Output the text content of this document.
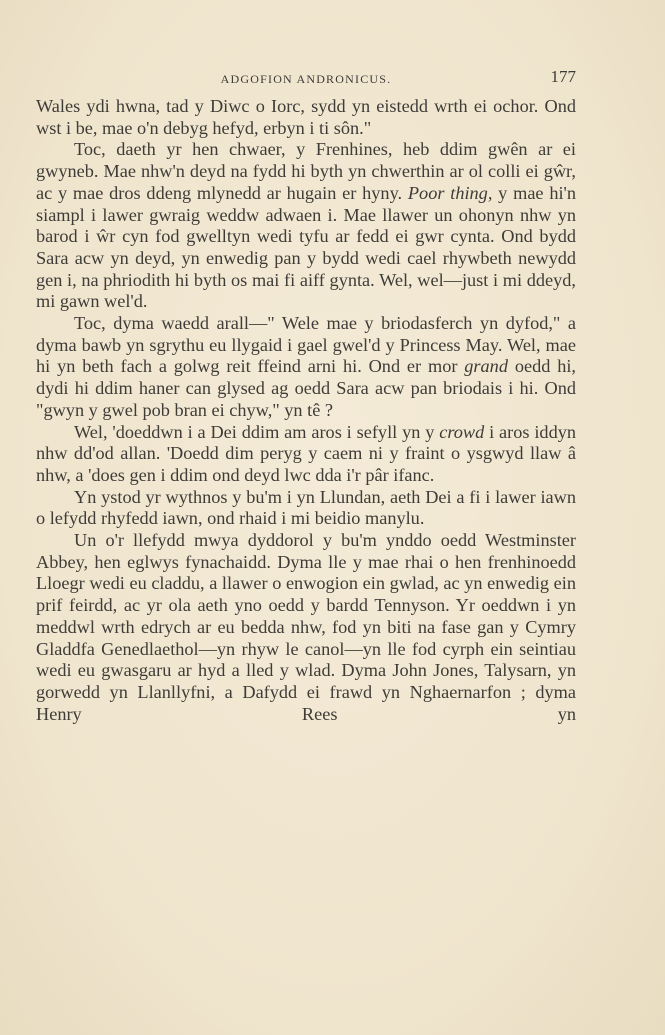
ADGOFION ANDRONICUS.	177

Wales ydi hwna, tad y Diwc o Iorc, sydd yn eistedd wrth ei ochor. Ond wst i be, mae o'n debyg hefyd, erbyn i ti sôn."

Toc, daeth yr hen chwaer, y Frenhines, heb ddim gwên ar ei gwyneb. Mae nhw'n deyd na fydd hi byth yn chwerthin ar ol colli ei gŵr, ac y mae dros ddeng mlynedd ar hugain er hyny. Poor thing, y mae hi'n siampl i lawer gwraig weddw adwaen i. Mae llawer un ohonyn nhw yn barod i ŵr cyn fod gwelltyn wedi tyfu ar fedd ei gwr cynta. Ond bydd Sara acw yn deyd, yn enwedig pan y bydd wedi cael rhywbeth newydd gen i, na phriodith hi byth os mai fi aiff gynta. Wel, wel—just i mi ddeyd, mi gawn wel'd.

Toc, dyma waedd arall—" Wele mae y briodasferch yn dyfod," a dyma bawb yn sgrythu eu llygaid i gael gwel'd y Princess May. Wel, mae hi yn beth fach a golwg reit ffeind arni hi. Ond er mor grand oedd hi, dydi hi ddim haner can glysed ag oedd Sara acw pan briodais i hi. Ond "gwyn y gwel pob bran ei chyw," yn tê ?

Wel, 'doeddwn i a Dei ddim am aros i sefyll yn y crowd i aros iddyn nhw dd'od allan. 'Doedd dim peryg y caem ni y fraint o ysgwyd llaw â nhw, a 'does gen i ddim ond deyd lwc dda i'r pâr ifanc.

Yn ystod yr wythnos y bu'm i yn Llundan, aeth Dei a fi i lawer iawn o lefydd rhyfedd iawn, ond rhaid i mi beidio manylu.

Un o'r llefydd mwya dyddorol y bu'm ynddo oedd Westminster Abbey, hen eglwys fynachaidd. Dyma lle y mae rhai o hen frenhinoedd Lloegr wedi eu claddu, a llawer o enwogion ein gwlad, ac yn enwedig ein prif feirdd, ac yr ola aeth yno oedd y bardd Tennyson. Yr oeddwn i yn meddwl wrth edrych ar eu bedda nhw, fod yn biti na fase gan y Cymry Gladdfa Genedlaethol—yn rhyw le canol—yn lle fod cyrph ein seintiau wedi eu gwasgaru ar hyd a lled y wlad. Dyma John Jones, Talysarn, yn gorwedd yn Llanllyfni, a Dafydd ei frawd yn Nghaernarfon ; dyma Henry Rees yn
